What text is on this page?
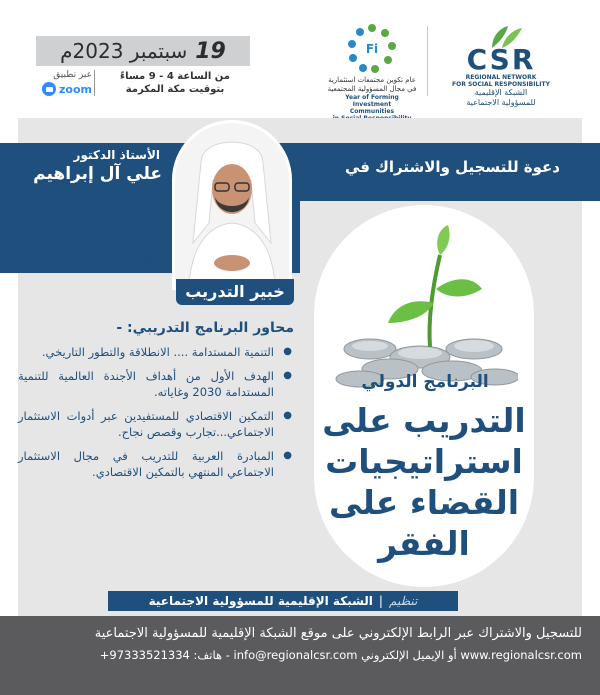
19
سبتمبر 2023م
من الساعة 4 - 9 مساءً
بتوقيت مكة المكرمة
عبر تطبيق
zoom
Fi
عام تكوين مجتمعات استثمارية
في مجال المسؤولية المجتمعية
Year of Forming Investment
Communities
CSR
REGIONAL NETWORK
FOR SOCIAL RESPONSIBILITY
الشبكة الإقليمية
للمسؤولية الاجتماعية
دعوة للتسجيل والاشتراك في
الأستاذ الدكتور
علي آل إبراهيم
خبير في مجال
المسؤولية المجتمعية
والتنمية المستدامة
دولة قطر
خبير التدريب
محاور البرنامج التدريبي: -
● التنمية المستدامة .... الانطلاقة والتطور التاريخي.
● الهدف الأول من أهداف الأجندة العالمية للتنمية المستدامة 2030 وغاياته.
● التمكين الاقتصادي للمستفيدين عبر أدوات الاستثمار الاجتماعي...تجارب وقصص نجاح.
● المبادرة العربية للتدريب في مجال الاستثمار الاجتماعي المنتهي بالتمكين الاقتصادي.
البرنامج الدولي
التدريب على
استراتيجيات
القضاء على
الفقر
تنظيم
|
الشبكة الإقليمية للمسؤولية الاجتماعية
للتسجيل والاشتراك عبر الرابط الإلكتروني على موقع الشبكة الإقليمية للمسؤولية الاجتماعية
www.regionalcsr.com أو الإيميل الإلكتروني info@regionalcsr.com - هاتف: 97333521334+
